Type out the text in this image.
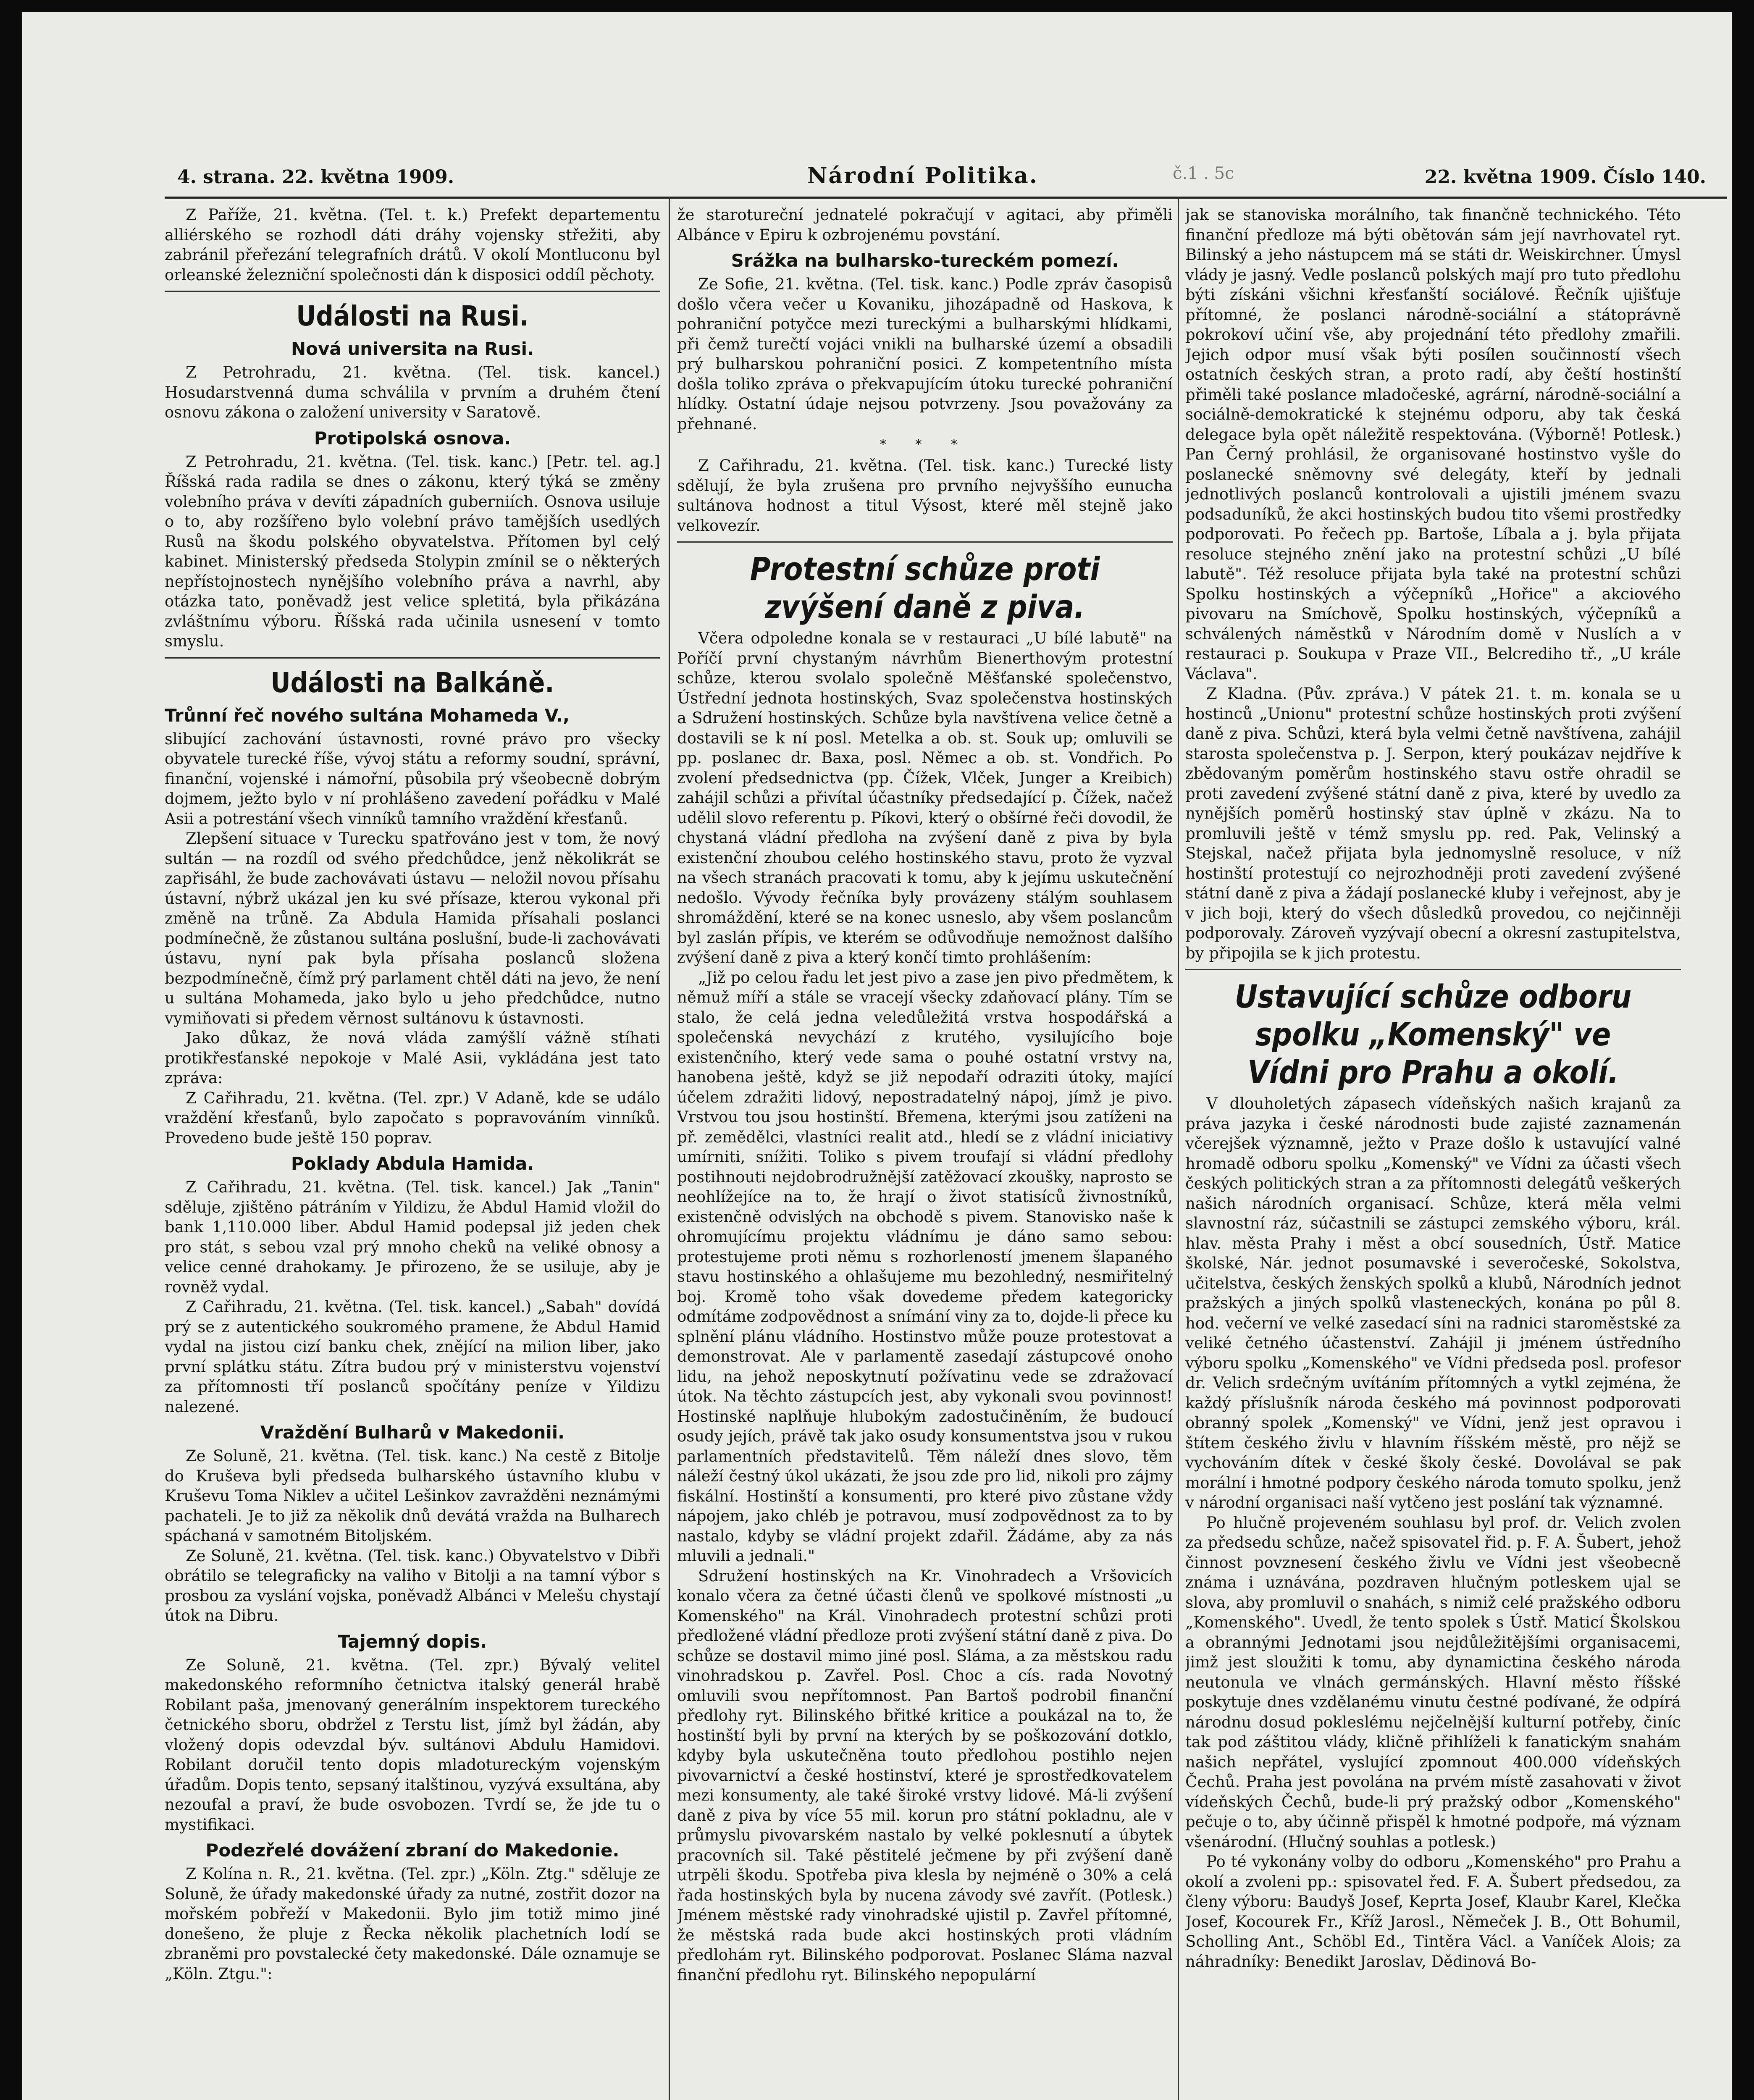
4. strana. 22. května 1909.	Národní Politika.	č.1 . 5c	22. května 1909. Číslo 140.

Z Paříže, 21. května. (Tel. t. k.) Prefekt departementu alliérského se rozhodl dáti dráhy vojensky střežiti, aby zabránil přeřezání telegrafních drátů. V okolí Montluconu byl orleanské železniční společnosti dán k disposici oddíl pěchoty.

Události na Rusi.
Nová universita na Rusi.

Z Petrohradu, 21. května. (Tel. tisk. kancel.) Hosudarstvenná duma schválila v prvním a druhém čtení osnovu zákona o založení university v Saratově.

Protipolská osnova.

Z Petrohradu, 21. května. (Tel. tisk. kanc.) [Petr. tel. ag.] Říšská rada radila se dnes o zákonu, který týká se změny volebního práva v devíti západních guberniích. Osnova usiluje o to, aby rozšířeno bylo volební právo tamějších usedlých Rusů na škodu polského obyvatelstva. Přítomen byl celý kabinet. Ministerský předseda Stolypin zmínil se o některých nepřístojnostech nynějšího volebního práva a navrhl, aby otázka tato, poněvadž jest velice spletitá, byla přikázána zvláštnímu výboru. Říšská rada učinila usnesení v tomto smyslu.

Události na Balkáně.
Trůnní řeč nového sultána Mohameda V.,

slibující zachování ústavnosti, rovné právo pro všecky obyvatele turecké říše, vývoj státu a reformy soudní, správní, finanční, vojenské i námořní, působila prý všeobecně dobrým dojmem, ježto bylo v ní prohlášeno zavedení pořádku v Malé Asii a potrestání všech vinníků tamního vraždění křesťanů.

Zlepšení situace v Turecku spatřováno jest v tom, že nový sultán — na rozdíl od svého předchůdce, jenž několikrát se zapřisáhl, že bude zachovávati ústavu — neložil novou přísahu ústavní, nýbrž ukázal jen ku své přísaze, kterou vykonal při změně na trůně. Za Abdula Hamida přísahali poslanci podmínečně, že zůstanou sultána poslušní, bude-li zachovávati ústavu, nyní pak byla přísaha poslanců složena bezpodmínečně, čímž prý parlament chtěl dáti na jevo, že není u sultána Mohameda, jako bylo u jeho předchůdce, nutno vymiňovati si předem věrnost sultánovu k ústavnosti.

Jako důkaz, že nová vláda zamýšlí vážně stíhati protikřesťanské nepokoje v Malé Asii, vykládána jest tato zpráva:

Z Cařihradu, 21. května. (Tel. zpr.) V Adaně, kde se událo vraždění křesťanů, bylo započato s popravováním vinníků. Provedeno bude ještě 150 poprav.

Poklady Abdula Hamida.

Z Cařihradu, 21. května. (Tel. tisk. kancel.) Jak „Tanin" sděluje, zjištěno pátráním v Yildizu, že Abdul Hamid vložil do bank 1,110.000 liber. Abdul Hamid podepsal již jeden chek pro stát, s sebou vzal prý mnoho cheků na veliké obnosy a velice cenné drahokamy. Je přirozeno, že se usiluje, aby je rovněž vydal.

Z Cařihradu, 21. května. (Tel. tisk. kancel.) „Sabah" dovídá prý se z autentického soukromého pramene, že Abdul Hamid vydal na jistou cizí banku chek, znějící na milion liber, jako první splátku státu. Zítra budou prý v ministerstvu vojenství za přítomnosti tří poslanců spočítány peníze v Yildizu nalezené.

Vraždění Bulharů v Makedonii.

Ze Soluně, 21. května. (Tel. tisk. kanc.) Na cestě z Bitolje do Kruševa byli předseda bulharského ústavního klubu v Kruševu Toma Niklev a učitel Lešinkov zavražděni neznámými pachateli. Je to již za několik dnů devátá vražda na Bulharech spáchaná v samotném Bitoljském.

Ze Soluně, 21. května. (Tel. tisk. kanc.) Obyvatelstvo v Dibři obrátilo se telegraficky na valiho v Bitolji a na tamní výbor s prosbou za vyslání vojska, poněvadž Albánci v Melešu chystají útok na Dibru.

Tajemný dopis.

Ze Soluně, 21. května. (Tel. zpr.) Bývalý velitel makedonského reformního četnictva italský generál hrabě Robilant paša, jmenovaný generálním inspektorem tureckého četnického sboru, obdržel z Terstu list, jímž byl žádán, aby vložený dopis odevzdal býv. sultánovi Abdulu Hamidovi. Robilant doručil tento dopis mladotureckým vojenským úřadům. Dopis tento, sepsaný italštinou, vyzývá exsultána, aby nezoufal a praví, že bude osvobozen. Tvrdí se, že jde tu o mystifikaci.

Podezřelé dovážení zbraní do Makedonie.

Z Kolína n. R., 21. května. (Tel. zpr.) „Köln. Ztg." sděluje ze Soluně, že úřady makedonské úřady za nutné, zostřit dozor na mořském pobřeží v Makedonii. Bylo jim totiž mimo jiné donešeno, že pluje z Řecka několik plachetních lodí se zbraněmi pro povstalecké čety makedonské. Dále oznamuje se „Köln. Ztgu.":

že starotureční jednatelé pokračují v agitaci, aby přiměli Albánce v Epiru k ozbrojenému povstání.

Srážka na bulharsko-tureckém pomezí.

Ze Sofie, 21. května. (Tel. tisk. kanc.) Podle zpráv časopisů došlo včera večer u Kovaniku, jihozápadně od Haskova, k pohraniční potyčce mezi tureckými a bulharskými hlídkami, při čemž turečtí vojáci vnikli na bulharské území a obsadili prý bulharskou pohraniční posici. Z kompetentního místa došla toliko zpráva o překvapujícím útoku turecké pohraniční hlídky. Ostatní údaje nejsou potvrzeny. Jsou považovány za přehnané.

* * *

Z Cařihradu, 21. května. (Tel. tisk. kanc.) Turecké listy sdělují, že byla zrušena pro prvního nejvyššího eunucha sultánova hodnost a titul Výsost, které měl stejně jako velkovezír.

Protestní schůze proti zvýšení daně z piva.

Včera odpoledne konala se v restauraci „U bílé labutě" na Poříčí první chystaným návrhům Bienerthovým protestní schůze, kterou svolalo společně Měšťanské společenstvo, Ústřední jednota hostinských, Svaz společenstva hostinských a Sdružení hostinských. Schůze byla navštívena velice četně a dostavili se k ní posl. Metelka a ob. st. Souk up; omluvili se pp. poslanec dr. Baxa, posl. Němec a ob. st. Vondřich. Po zvolení předsednictva (pp. Čížek, Vlček, Junger a Kreibich) zahájil schůzi a přivítal účastníky předsedající p. Čížek, načež udělil slovo referentu p. Píkovi, který o obšírné řeči dovodil, že chystaná vládní předloha na zvýšení daně z piva by byla existenční zhoubou celého hostinského stavu, proto že vyzval na všech stranách pracovati k tomu, aby k jejímu uskutečnění nedošlo. Vývody řečníka byly provázeny stálým souhlasem shromáždění, které se na konec usneslo, aby všem poslancům byl zaslán přípis, ve kterém se odůvodňuje nemožnost dalšího zvýšení daně z piva a který končí timto prohlášením:

„Již po celou řadu let jest pivo a zase jen pivo předmětem, k němuž míří a stále se vracejí všecky zdaňovací plány. Tím se stalo, že celá jedna veledůležitá vrstva hospodářská a společenská nevychází z krutého, vysilujícího boje existenčního, který vede sama o pouhé ostatní vrstvy na, hanobena ještě, když se již nepodaří odraziti útoky, mající účelem zdražiti lidový, nepostradatelný nápoj, jímž je pivo. Vrstvou tou jsou hostinští. Břemena, kterými jsou zatíženi na př. zemědělci, vlastníci realit atd., hledí se z vládní iniciativy umírniti, snížiti. Toliko s pivem troufají si vládní předlohy postihnouti nejdobrodružnější zatěžovací zkoušky, naprosto se neohlížejíce na to, že hrají o život statisíců živnostníků, existenčně odvislých na obchodě s pivem. Stanovisko naše k ohromujícímu projektu vládnímu je dáno samo sebou: protestujeme proti němu s rozhorleností jmenem šlapaného stavu hostinského a ohlašujeme mu bezohledný, nesmiřitelný boj. Kromě toho však dovedeme předem kategoricky odmítáme zodpovědnost a snímání viny za to, dojde-li přece ku splnění plánu vládního. Hostinstvo může pouze protestovat a demonstrovat. Ale v parlamentě zasedají zástupcové onoho lidu, na jehož neposkytnutí požívatinu vede se zdražovací útok. Na těchto zástupcích jest, aby vykonali svou povinnost! Hostinské naplňuje hlubokým zadostučiněním, že budoucí osudy jejích, právě tak jako osudy konsumentstva jsou v rukou parlamentních představitelů. Těm náleží dnes slovo, těm náleží čestný úkol ukázati, že jsou zde pro lid, nikoli pro zájmy fiskální. Hostinští a konsumenti, pro které pivo zůstane vždy nápojem, jako chléb je potravou, musí zodpovědnost za to by nastalo, kdyby se vládní projekt zdařil. Žádáme, aby za nás mluvili a jednali."

Sdružení hostinských na Kr. Vinohradech a Vršovicích konalo včera za četné účasti členů ve spolkové místnosti „u Komenského" na Král. Vinohradech protestní schůzi proti předložené vládní předloze proti zvýšení státní daně z piva. Do schůze se dostavil mimo jiné posl. Sláma, a za městskou radu vinohradskou p. Zavřel. Posl. Choc a cís. rada Novotný omluvili svou nepřítomnost. Pan Bartoš podrobil finanční předlohy ryt. Bilinského břitké kritice a poukázal na to, že hostinští byli by první na kterých by se poškozování dotklo, kdyby byla uskutečněna touto předlohou postihlo nejen pivovarnictví a české hostinství, které je sprostředkovatelem mezi konsumenty, ale také široké vrstvy lidové. Má-li zvýšení daně z piva by více 55 mil. korun pro státní pokladnu, ale v průmyslu pivovarském nastalo by velké poklesnutí a úbytek pracovních sil. Také pěstitelé ječmene by při zvýšení daně utrpěli škodu. Spotřeba piva klesla by nejméně o 30% a celá řada hostinských byla by nucena závody své zavřít. (Potlesk.) Jménem městské rady vinohradské ujistil p. Zavřel přítomné, že městská rada bude akci hostinských proti vládním předlohám ryt. Bilinského podporovat. Poslanec Sláma nazval finanční předlohu ryt. Bilinského nepopulární

jak se stanoviska morálního, tak finančně technického. Této finanční předloze má býti obětován sám její navrhovatel ryt. Bilinský a jeho nástupcem má se státi dr. Weiskirchner. Úmysl vlády je jasný. Vedle poslanců polských mají pro tuto předlohu býti získáni všichni křesťanští sociálové. Řečník ujišťuje přítomné, že poslanci národně-sociální a státoprávně pokrokoví učiní vše, aby projednání této předlohy zmařili. Jejich odpor musí však býti posílen součinností všech ostatních českých stran, a proto radí, aby čeští hostinští přiměli také poslance mladočeské, agrární, národně-sociální a sociálně-demokratické k stejnému odporu, aby tak česká delegace byla opět náležitě respektována. (Výborně! Potlesk.) Pan Černý prohlásil, že organisované hostinstvo vyšle do poslanecké sněmovny své delegáty, kteří by jednali jednotlivých poslanců kontrolovali a ujistili jménem svazu podsaduníků, že akci hostinských budou tito všemi prostředky podporovati. Po řečech pp. Bartoše, Líbala a j. byla přijata resoluce stejného znění jako na protestní schůzi „U bílé labutě". Též resoluce přijata byla také na protestní schůzi Spolku hostinských a výčepníků „Hořice" a akciového pivovaru na Smíchově, Spolku hostinských, výčepníků a schválených náměstků v Národním domě v Nuslích a v restauraci p. Soukupa v Praze VII., Belcrediho tř., „U krále Václava".

Z Kladna. (Pův. zpráva.) V pátek 21. t. m. konala se u hostinců „Unionu" protestní schůze hostinských proti zvýšení daně z piva. Schůzi, která byla velmi četně navštívena, zahájil starosta společenstva p. J. Serpon, který poukázav nejdříve k zbědovaným poměrům hostinského stavu ostře ohradil se proti zavedení zvýšené státní daně z piva, které by uvedlo za nynějších poměrů hostinský stav úplně v zkázu. Na to promluvili ještě v témž smyslu pp. red. Pak, Velinský a Stejskal, načež přijata byla jednomyslně resoluce, v níž hostinští protestují co nejrozhodněji proti zavedení zvýšené státní daně z piva a žádají poslanecké kluby i veřejnost, aby je v jich boji, který do všech důsledků provedou, co nejčinněji podporovaly. Zároveň vyzývají obecní a okresní zastupitelstva, by připojila se k jich protestu.

Ustavující schůze odboru spolku „Komenský" ve Vídni pro Prahu a okolí.

V dlouholetých zápasech vídeňských našich krajanů za práva jazyka i české národnosti bude zajisté zaznamenán včerejšek významně, ježto v Praze došlo k ustavující valné hromadě odboru spolku „Komenský" ve Vídni za účasti všech českých politických stran a za přítomnosti delegátů veškerých našich národních organisací. Schůze, která měla velmi slavnostní ráz, súčastnili se zástupci zemského výboru, král. hlav. města Prahy i měst a obcí sousedních, Ústř. Matice školské, Nár. jednot posumavské i severočeské, Sokolstva, učitelstva, českých ženských spolků a klubů, Národních jednot pražských a jiných spolků vlasteneckých, konána po půl 8. hod. večerní ve velké zasedací síni na radnici staroměstské za veliké četného účastenství. Zahájil ji jménem ústředního výboru spolku „Komenského" ve Vídni předseda posl. profesor dr. Velich srdečným uvítáním přítomných a vytkl zejména, že každý příslušník národa českého má povinnost podporovati obranný spolek „Komenský" ve Vídni, jenž jest opravou i štítem českého živlu v hlavním říšském městě, pro nějž se vychováním dítek v české školy české. Dovolával se pak morální i hmotné podpory českého národa tomuto spolku, jenž v národní organisaci naší vytčeno jest poslání tak významné.

Po hlučně projeveném souhlasu byl prof. dr. Velich zvolen za předsedu schůze, načež spisovatel řid. p. F. A. Šubert, jehož činnost povznesení českého živlu ve Vídni jest všeobecně známa i uznávána, pozdraven hlučným potleskem ujal se slova, aby promluvil o snahách, s nimiž celé pražského odboru „Komenského". Uvedl, že tento spolek s Ústř. Maticí Školskou a obrannými Jednotami jsou nejdůležitějšími organisacemi, jimž jest sloužiti k tomu, aby dynamictina českého národa neutonula ve vlnách germánských. Hlavní město říšské poskytuje dnes vzdělanému vinutu čestné podívané, že odpírá národnu dosud pokleslému nejčelnější kulturní potřeby, činíc tak pod záštitou vlády, kličně přihlíželi k fanatickým snahám našich nepřátel, vyslující zpomnout 400.000 vídeňských Čechů. Praha jest povolána na prvém místě zasahovati v život vídeňských Čechů, bude-li prý pražský odbor „Komenského" pečuje o to, aby účinně přispěl k hmotné podpoře, má význam všenárodní. (Hlučný souhlas a potlesk.)

Po té vykonány volby do odboru „Komenského" pro Prahu a okolí a zvoleni pp.: spisovatel řed. F. A. Šubert předsedou, za členy výboru: Baudyš Josef, Keprta Josef, Klaubr Karel, Klečka Josef, Kocourek Fr., Kříž Jarosl., Němeček J. B., Ott Bohumil, Scholling Ant., Schöbl Ed., Tintěra Václ. a Vaníček Alois; za náhradníky: Benedikt Jaroslav, Dědinová Bo-
